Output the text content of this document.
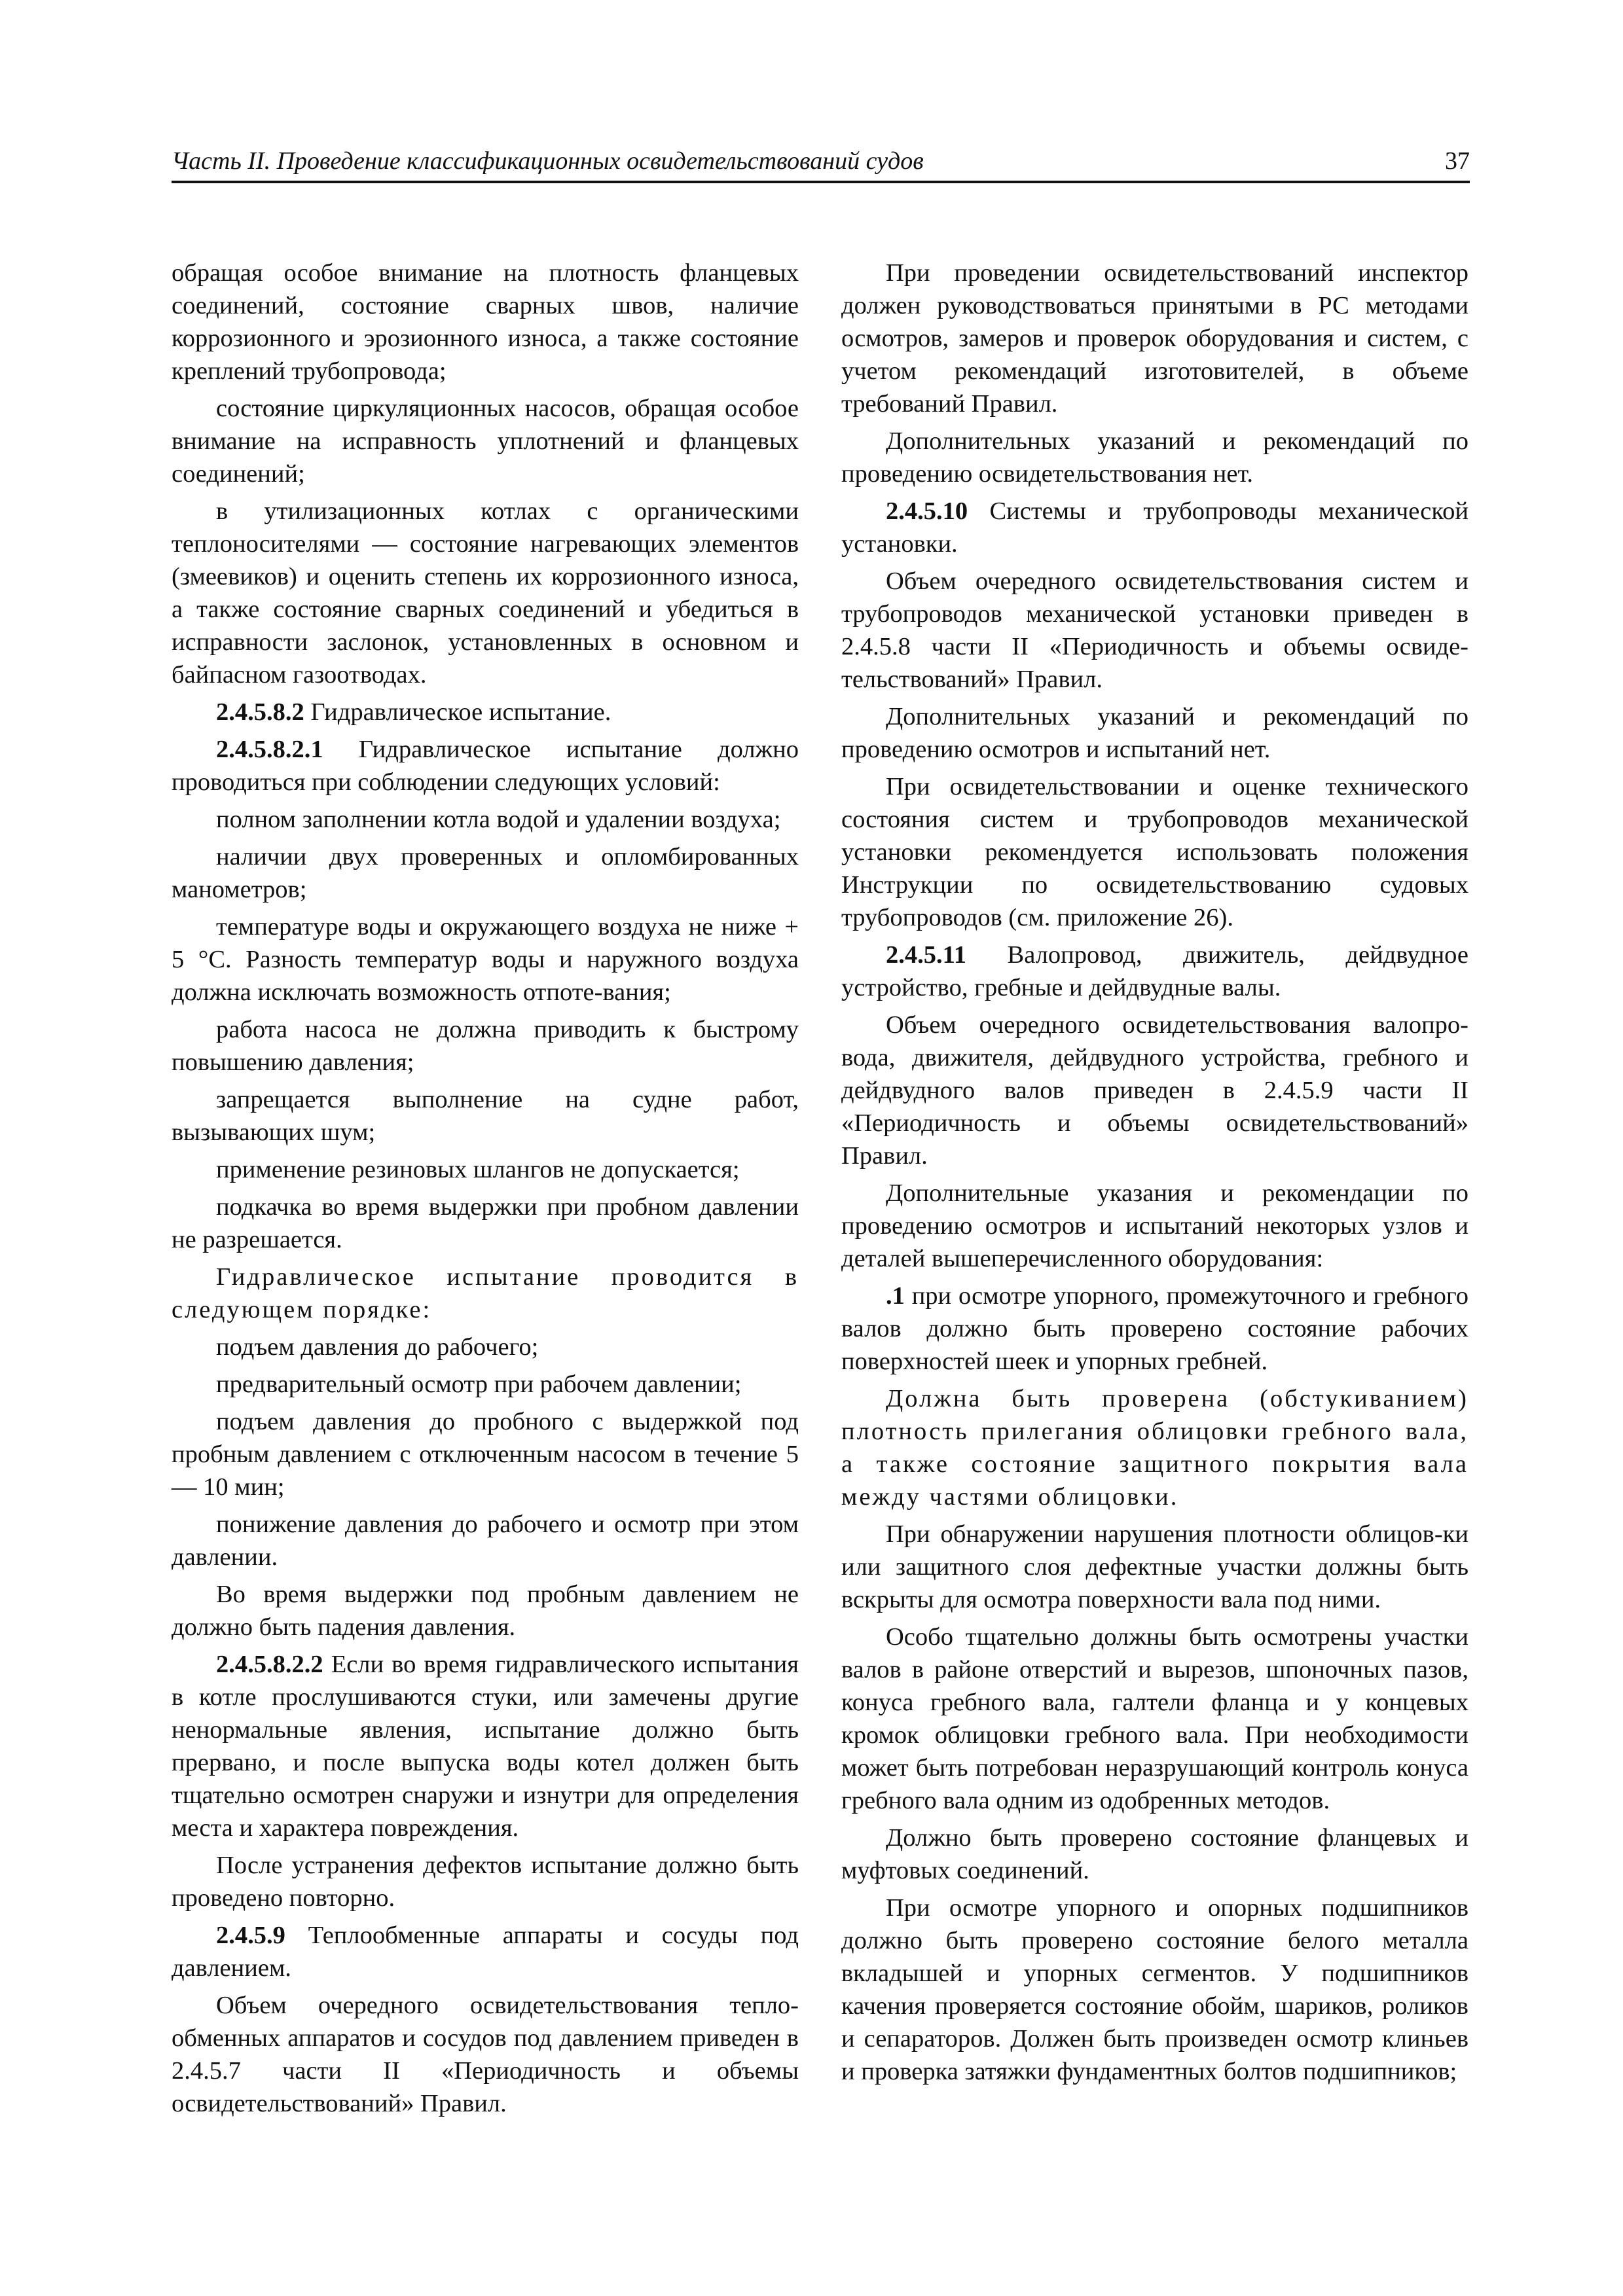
Часть II. Проведение классификационных освидетельствований судов	37

обращая особое внимание на плотность фланцевых соединений, состояние сварных швов, наличие коррозионного и эрозионного износа, а также состояние креплений трубопровода;

состояние циркуляционных насосов, обращая особое внимание на исправность уплотнений и фланцевых соединений;

в утилизационных котлах с органическими теплоносителями — состояние нагревающих элементов (змеевиков) и оценить степень их коррозионного износа, а также состояние сварных соединений и убедиться в исправности заслонок, установленных в основном и байпасном газоотводах.

2.4.5.8.2 Гидравлическое испытание.

2.4.5.8.2.1 Гидравлическое испытание должно проводиться при соблюдении следующих условий:

полном заполнении котла водой и удалении воздуха;

наличии двух проверенных и опломбированных манометров;

температуре воды и окружающего воздуха не ниже + 5 °C. Разность температур воды и наружного воздуха должна исключать возможность отпоте-вания;

работа насоса не должна приводить к быстрому повышению давления;

запрещается выполнение на судне работ, вызывающих шум;

применение резиновых шлангов не допускается;

подкачка во время выдержки при пробном давлении не разрешается.

Гидравлическое испытание проводится в следующем порядке:

подъем давления до рабочего;

предварительный осмотр при рабочем давлении;

подъем давления до пробного с выдержкой под пробным давлением с отключенным насосом в течение 5 — 10 мин;

понижение давления до рабочего и осмотр при этом давлении.

Во время выдержки под пробным давлением не должно быть падения давления.

2.4.5.8.2.2 Если во время гидравлического испытания в котле прослушиваются стуки, или замечены другие ненормальные явления, испытание должно быть прервано, и после выпуска воды котел должен быть тщательно осмотрен снаружи и изнутри для определения места и характера повреждения.

После устранения дефектов испытание должно быть проведено повторно.

2.4.5.9 Теплообменные аппараты и сосуды под давлением.

Объем очередного освидетельствования тепло-обменных аппаратов и сосудов под давлением приведен в 2.4.5.7 части II «Периодичность и объемы освидетельствований» Правил.

При проведении освидетельствований инспектор должен руководствоваться принятыми в РС методами осмотров, замеров и проверок оборудования и систем, с учетом рекомендаций изготовителей, в объеме требований Правил.

Дополнительных указаний и рекомендаций по проведению освидетельствования нет.

2.4.5.10 Системы и трубопроводы механической установки.

Объем очередного освидетельствования систем и трубопроводов механической установки приведен в 2.4.5.8 части II «Периодичность и объемы освиде-тельствований» Правил.

Дополнительных указаний и рекомендаций по проведению осмотров и испытаний нет.

При освидетельствовании и оценке технического состояния систем и трубопроводов механической установки рекомендуется использовать положения Инструкции по освидетельствованию судовых трубопроводов (см. приложение 26).

2.4.5.11 Валопровод, движитель, дейдвудное устройство, гребные и дейдвудные валы.

Объем очередного освидетельствования валопро-вода, движителя, дейдвудного устройства, гребного и дейдвудного валов приведен в 2.4.5.9 части II «Периодичность и объемы освидетельствований» Правил.

Дополнительные указания и рекомендации по проведению осмотров и испытаний некоторых узлов и деталей вышеперечисленного оборудования:

.1 при осмотре упорного, промежуточного и гребного валов должно быть проверено состояние рабочих поверхностей шеек и упорных гребней.

Должна быть проверена (обстукиванием) плотность прилегания облицовки гребного вала, а также состояние защитного покрытия вала между частями облицовки.

При обнаружении нарушения плотности облицов-ки или защитного слоя дефектные участки должны быть вскрыты для осмотра поверхности вала под ними.

Особо тщательно должны быть осмотрены участки валов в районе отверстий и вырезов, шпоночных пазов, конуса гребного вала, галтели фланца и у концевых кромок облицовки гребного вала. При необходимости может быть потребован неразрушающий контроль конуса гребного вала одним из одобренных методов.

Должно быть проверено состояние фланцевых и муфтовых соединений.

При осмотре упорного и опорных подшипников должно быть проверено состояние белого металла вкладышей и упорных сегментов. У подшипников качения проверяется состояние обойм, шариков, роликов и сепараторов. Должен быть произведен осмотр клиньев и проверка затяжки фундаментных болтов подшипников;
